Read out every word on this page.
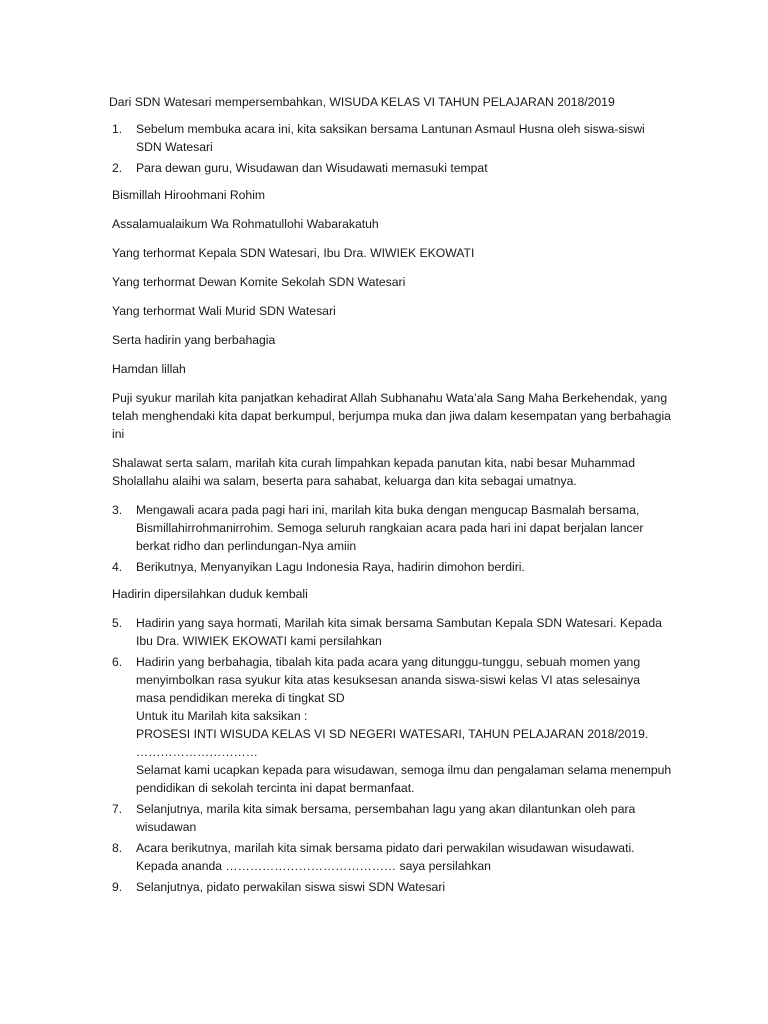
Dari SDN Watesari mempersembahkan, WISUDA KELAS VI TAHUN PELAJARAN 2018/2019

1. Sebelum membuka acara ini, kita saksikan bersama Lantunan Asmaul Husna oleh siswa-siswi SDN Watesari
2. Para dewan guru, Wisudawan dan Wisudawati memasuki tempat

Bismillah Hiroohmani Rohim

Assalamualaikum Wa Rohmatullohi Wabarakatuh

Yang terhormat Kepala SDN Watesari, Ibu Dra. WIWIEK EKOWATI

Yang terhormat Dewan Komite Sekolah SDN Watesari

Yang terhormat Wali Murid SDN Watesari

Serta hadirin yang berbahagia

Hamdan lillah

Puji syukur marilah kita panjatkan kehadirat Allah Subhanahu Wata’ala Sang Maha Berkehendak, yang telah menghendaki kita dapat berkumpul, berjumpa muka dan jiwa dalam kesempatan yang berbahagia ini

Shalawat serta salam, marilah kita curah limpahkan kepada panutan kita, nabi besar Muhammad Sholallahu alaihi wa salam, beserta para sahabat, keluarga dan kita sebagai umatnya.

3. Mengawali acara pada pagi hari ini, marilah kita buka dengan mengucap Basmalah bersama, Bismillahirrohmanirrohim. Semoga seluruh rangkaian acara pada hari ini dapat berjalan lancer berkat ridho dan perlindungan-Nya amiin
4. Berikutnya, Menyanyikan Lagu Indonesia Raya, hadirin dimohon berdiri.

Hadirin dipersilahkan duduk kembali

5. Hadirin yang saya hormati, Marilah kita simak bersama Sambutan Kepala SDN Watesari. Kepada Ibu Dra. WIWIEK EKOWATI kami persilahkan
6. Hadirin yang berbahagia, tibalah kita pada acara yang ditunggu-tunggu, sebuah momen yang menyimbolkan rasa syukur kita atas kesuksesan ananda siswa-siswi kelas VI atas selesainya masa pendidikan mereka di tingkat SD
Untuk itu Marilah kita saksikan :
PROSESI INTI WISUDA KELAS VI SD NEGERI WATESARI, TAHUN PELAJARAN 2018/2019.
…………………………
Selamat kami ucapkan kepada para wisudawan, semoga ilmu dan pengalaman selama menempuh pendidikan di sekolah tercinta ini dapat bermanfaat.
7. Selanjutnya, marila kita simak bersama, persembahan lagu yang akan dilantunkan oleh para wisudawan
8. Acara berikutnya, marilah kita simak bersama pidato dari perwakilan wisudawan wisudawati. Kepada ananda …………………………………… saya persilahkan
9. Selanjutnya, pidato perwakilan siswa siswi SDN Watesari
